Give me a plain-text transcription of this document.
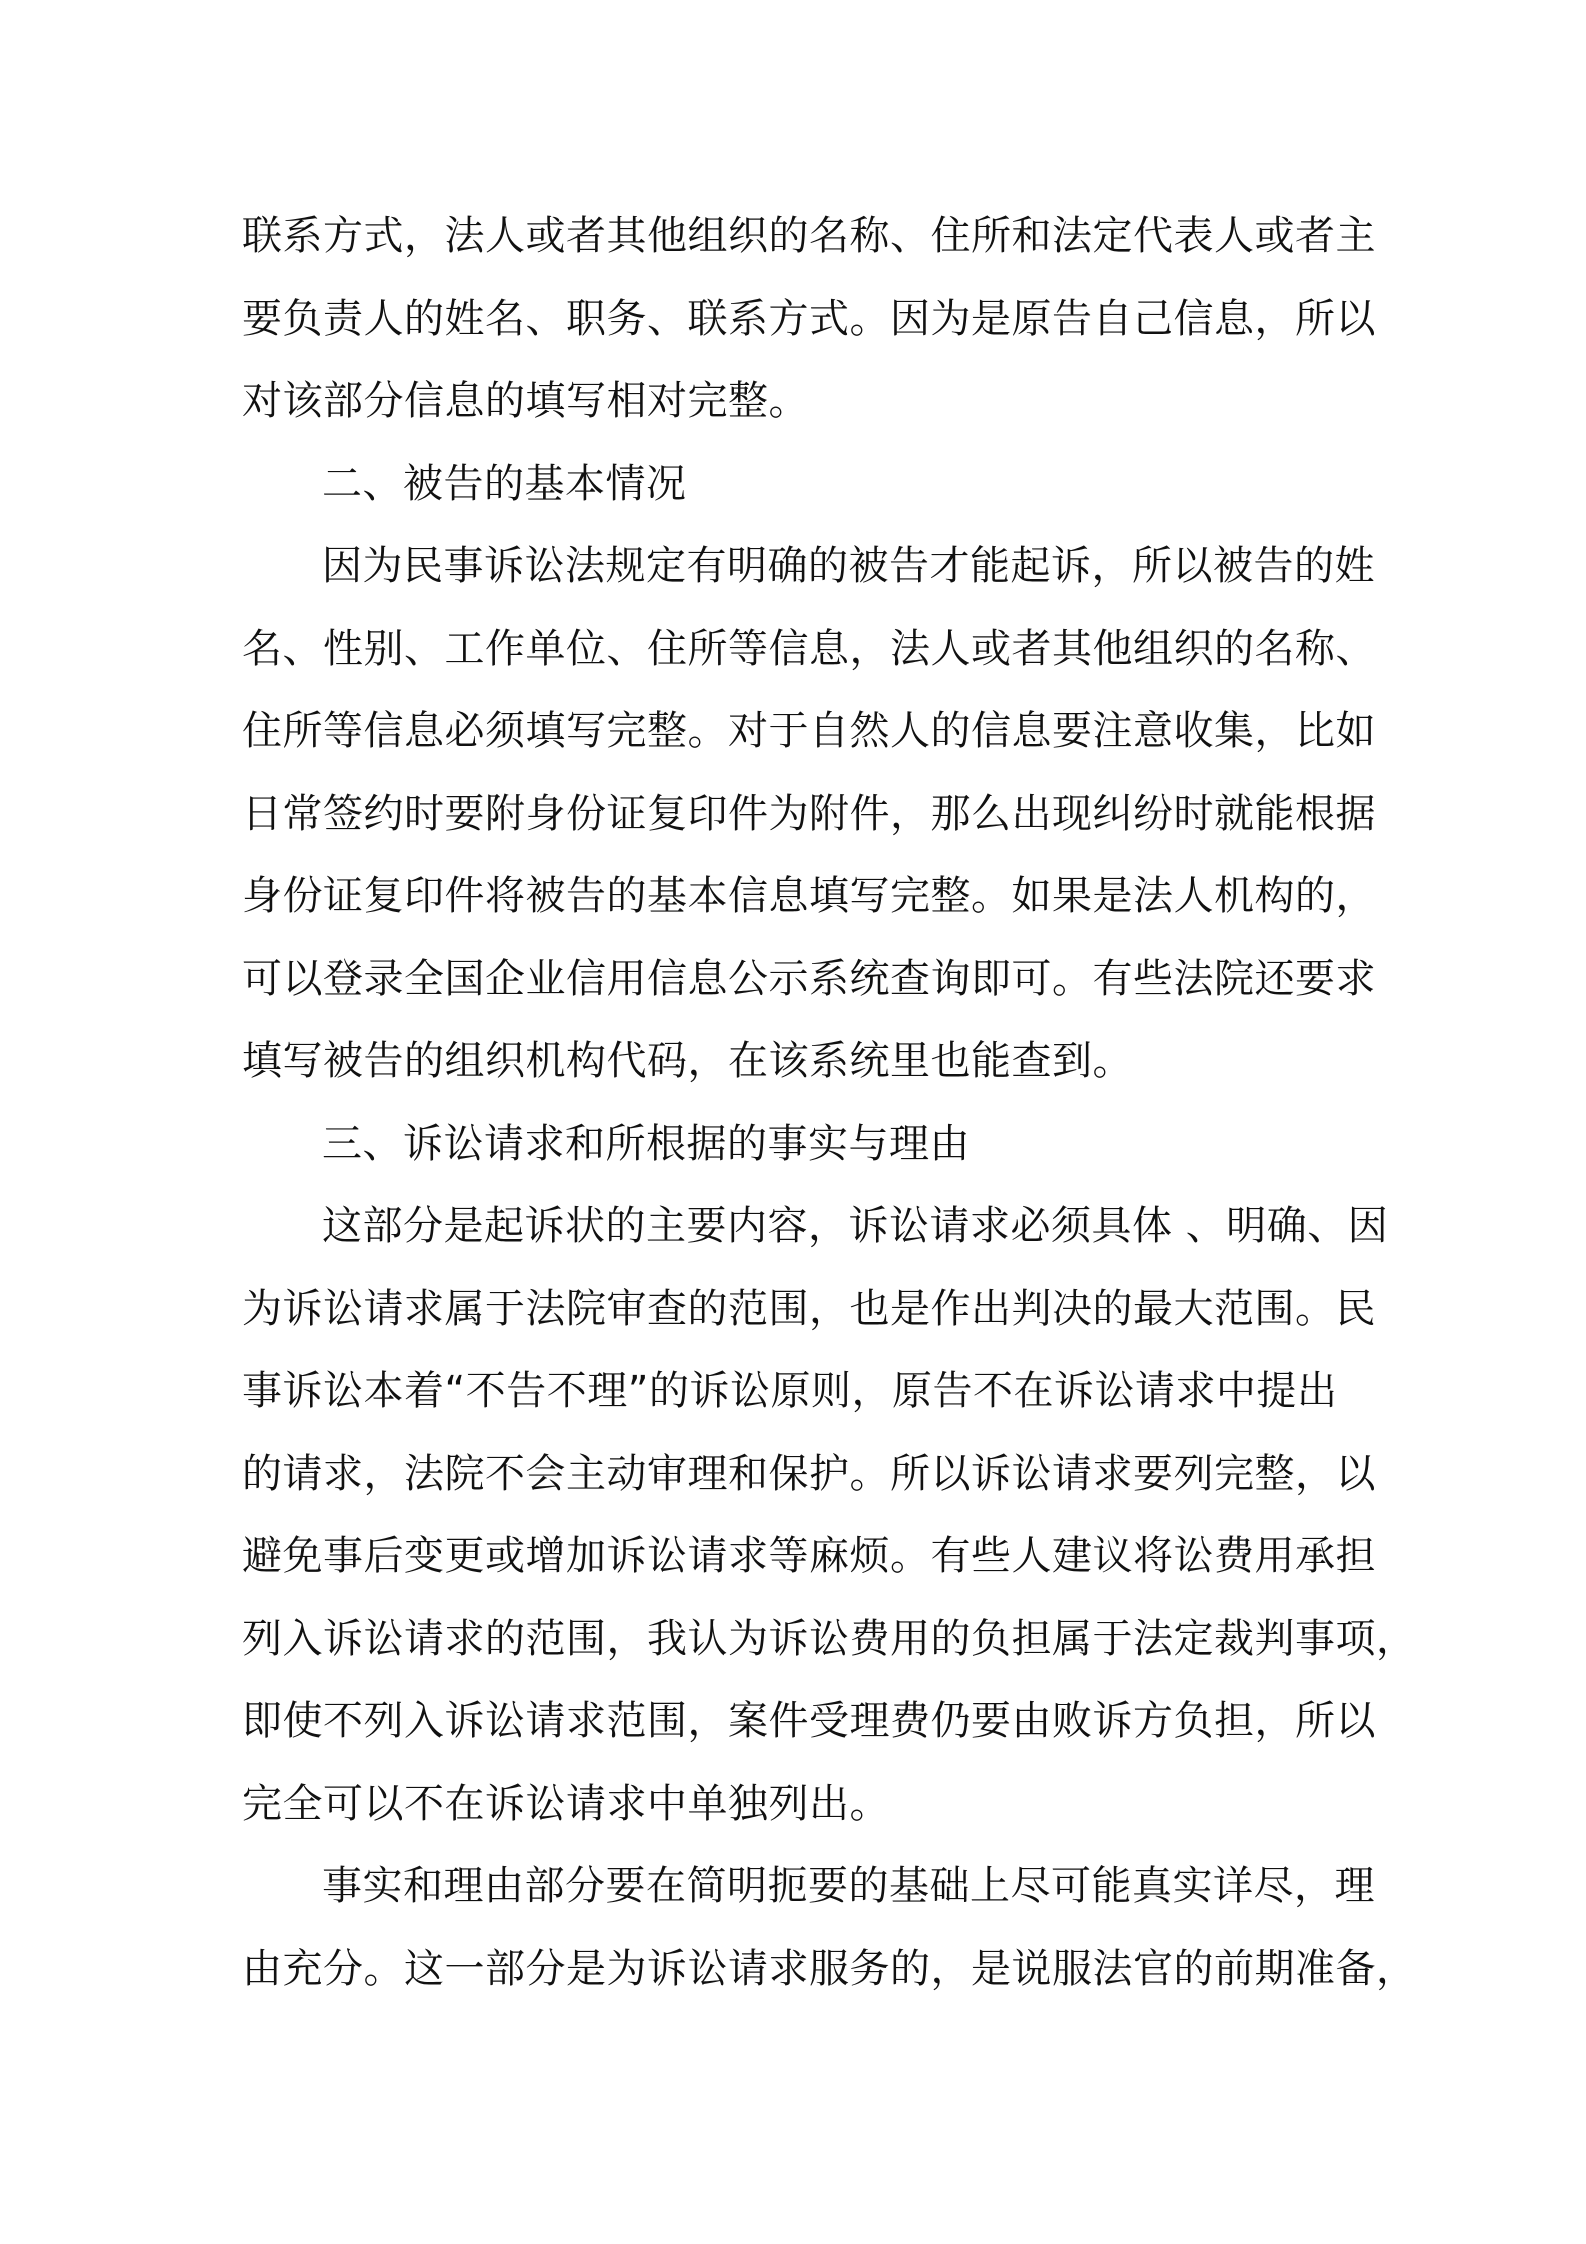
联系方式，法人或者其他组织的名称、住所和法定代表人或者主
要负责人的姓名、职务、联系方式。因为是原告自己信息，所以
对该部分信息的填写相对完整。
二、被告的基本情况
因为民事诉讼法规定有明确的被告才能起诉，所以被告的姓
名、性别、工作单位、住所等信息，法人或者其他组织的名称、
住所等信息必须填写完整。对于自然人的信息要注意收集，比如
日常签约时要附身份证复印件为附件，那么出现纠纷时就能根据
身份证复印件将被告的基本信息填写完整。如果是法人机构的，
可以登录全国企业信用信息公示系统查询即可。有些法院还要求
填写被告的组织机构代码，在该系统里也能查到。
三、诉讼请求和所根据的事实与理由
这部分是起诉状的主要内容，诉讼请求必须具体 、明确、因
为诉讼请求属于法院审查的范围，也是作出判决的最大范围。民
事诉讼本着“不告不理”的诉讼原则，原告不在诉讼请求中提出
的请求，法院不会主动审理和保护。所以诉讼请求要列完整，以
避免事后变更或增加诉讼请求等麻烦。有些人建议将讼费用承担
列入诉讼请求的范围，我认为诉讼费用的负担属于法定裁判事项，
即使不列入诉讼请求范围，案件受理费仍要由败诉方负担，所以
完全可以不在诉讼请求中单独列出。
事实和理由部分要在简明扼要的基础上尽可能真实详尽，理
由充分。这一部分是为诉讼请求服务的，是说服法官的前期准备，
